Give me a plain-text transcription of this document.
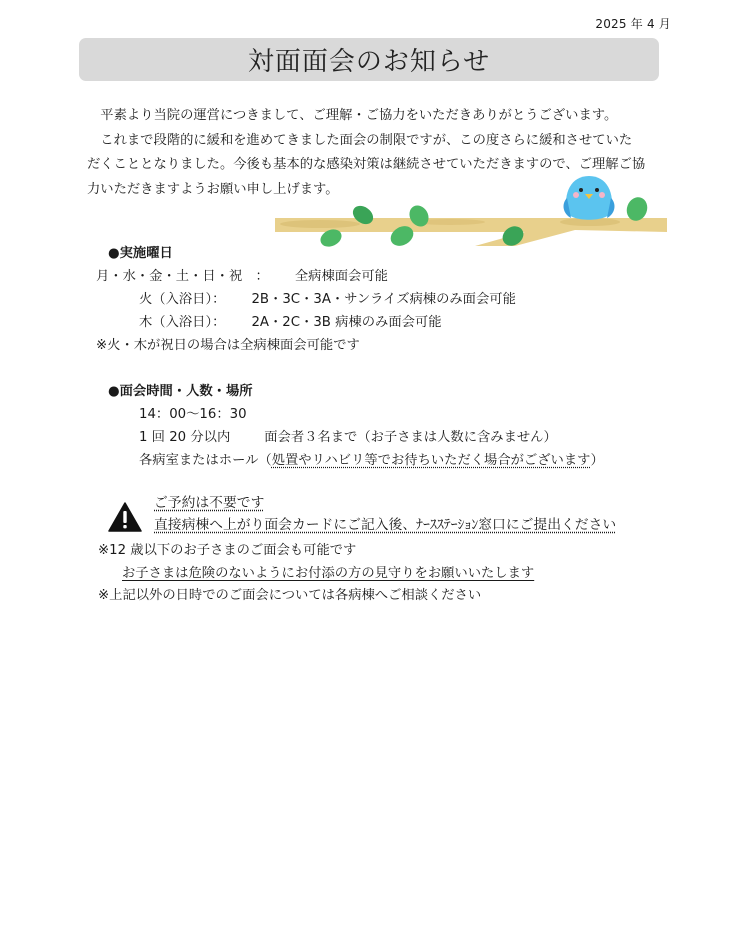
2025 年 4 月
対面面会のお知らせ

平素より当院の運営につきまして、ご理解・ご協力をいただきありがとうございます。

これまで段階的に緩和を進めてきました面会の制限ですが、この度さらに緩和させていた

だくこととなりました。今後も基本的な感染対策は継続させていただきますので、ご理解ご協

力いただきますようお願い申し上げます。

●実施曜日
月・水・金・土・日・祝　： 全病棟面会可能
火（入浴日）： 2B・3C・3A・サンライズ病棟のみ面会可能
木（入浴日）： 2A・2C・3B 病棟のみ面会可能
※火・木が祝日の場合は全病棟面会可能です
●面会時間・人数・場所
14：00～16：30
1 回 20 分以内	面会者３名まで（お子さまは人数に含みません）
各病室またはホール（処置やリハビリ等でお待ちいただく場合がございます）
ご予約は不要です
直接病棟へ上がり面会カードにご記入後、ﾅｰｽｽﾃｰｼｮﾝ窓口にご提出ください
※12 歳以下のお子さまのご面会も可能です
お子さまは危険のないようにお付添の方の見守りをお願いいたします
※上記以外の日時でのご面会については各病棟へご相談ください
